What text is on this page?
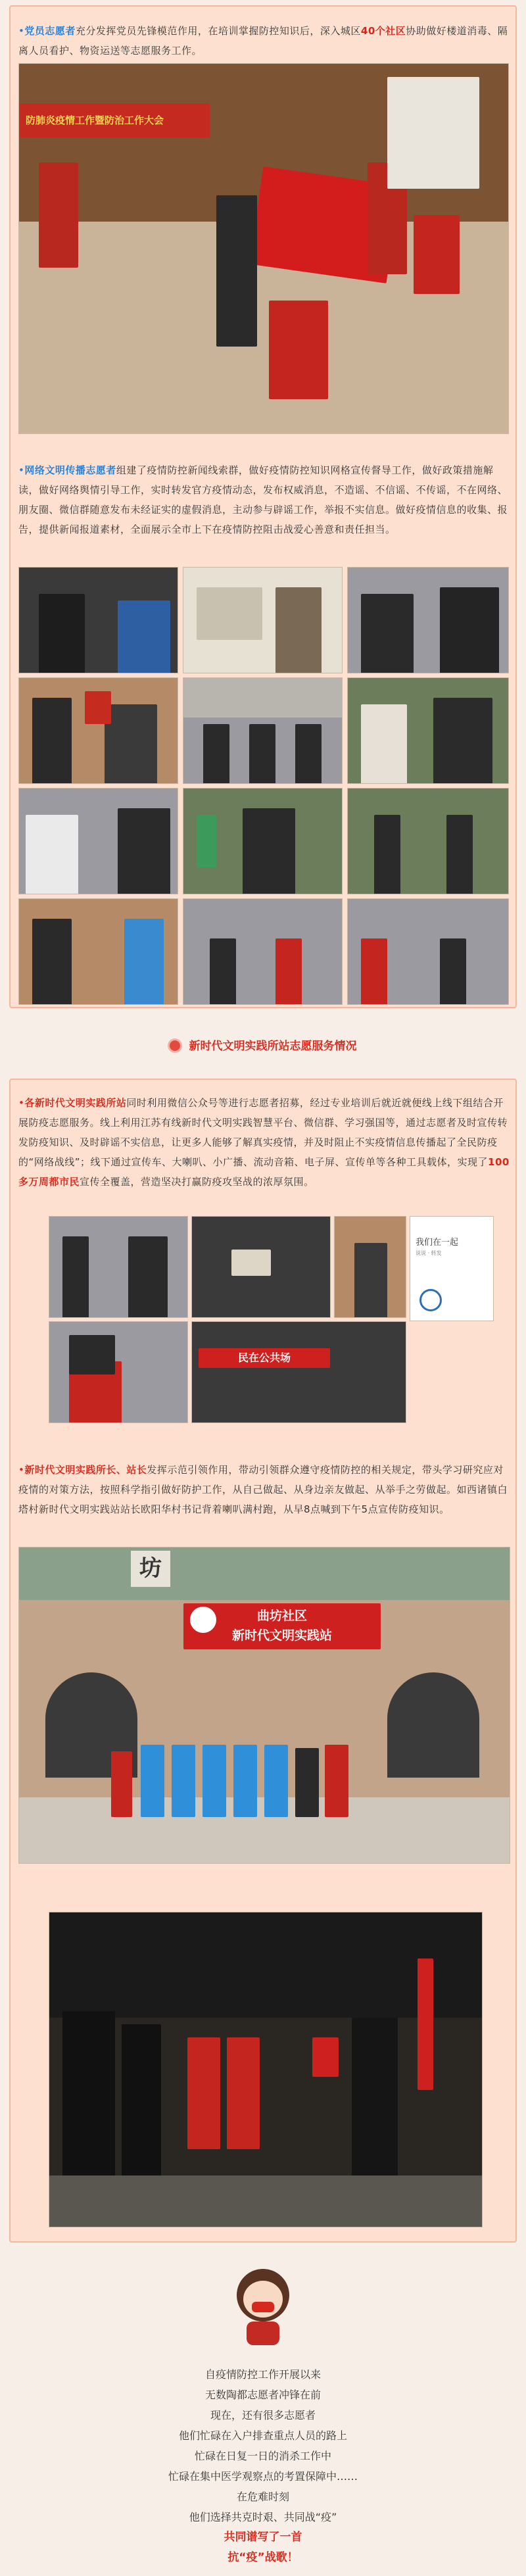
•党员志愿者充分发挥党员先锋模范作用，在培训掌握防控知识后，深入城区40个社区协助做好楼道消毒、隔离人员看护、物资运送等志愿服务工作。
防肺炎疫情工作暨防治工作大会
•网络文明传播志愿者组建了疫情防控新闻线索群，做好疫情防控知识网格宣传督导工作，做好政策措施解读，做好网络舆情引导工作，实时转发官方疫情动态，发布权威消息，不造谣、不信谣、不传谣，不在网络、朋友圈、微信群随意发布未经证实的虚假消息，主动参与辟谣工作，举报不实信息。做好疫情信息的收集、报告，提供新闻报道素材，全面展示全市上下在疫情防控阻击战爱心善意和责任担当。
新时代文明实践所站志愿服务情况
•各新时代文明实践所站同时利用微信公众号等进行志愿者招募，经过专业培训后就近就便线上线下组结合开展防疫志愿服务。线上利用江苏有线新时代文明实践智慧平台、微信群、学习强国等，通过志愿者及时宣传转发防疫知识、及时辟谣不实信息，让更多人能够了解真实疫情，并及时阻止不实疫情信息传播起了全民防疫的“网络战线”；线下通过宣传车、大喇叭、小广播、流动音箱、电子屏、宣传单等各种工具载体，实现了100多万周都市民宣传全覆盖，营造坚决打赢防疫攻坚战的浓厚氛围。
我们在一起
说说 · 转发
民在公共场
•新时代文明实践所长、站长发挥示范引领作用，带动引领群众遵守疫情防控的相关规定，带头学习研究应对疫情的对策方法，按照科学指引做好防护工作，从自己做起、从身边亲友做起、从举手之劳做起。如西诸镇白塔村新时代文明实践站站长欧阳华村书记背着喇叭满村跑，从早8点喊到下午5点宣传防疫知识。
坊
曲坊社区
新时代文明实践站
自疫情防控工作开展以来
无数陶都志愿者冲锋在前
现在，还有很多志愿者
他们忙碌在入户排查重点人员的路上
忙碌在日复一日的消杀工作中
忙碌在集中医学观察点的考置保障中……
在危难时刻
他们选择共克时艰、共同战“疫”
共同谱写了一首
抗“疫”战歌！
